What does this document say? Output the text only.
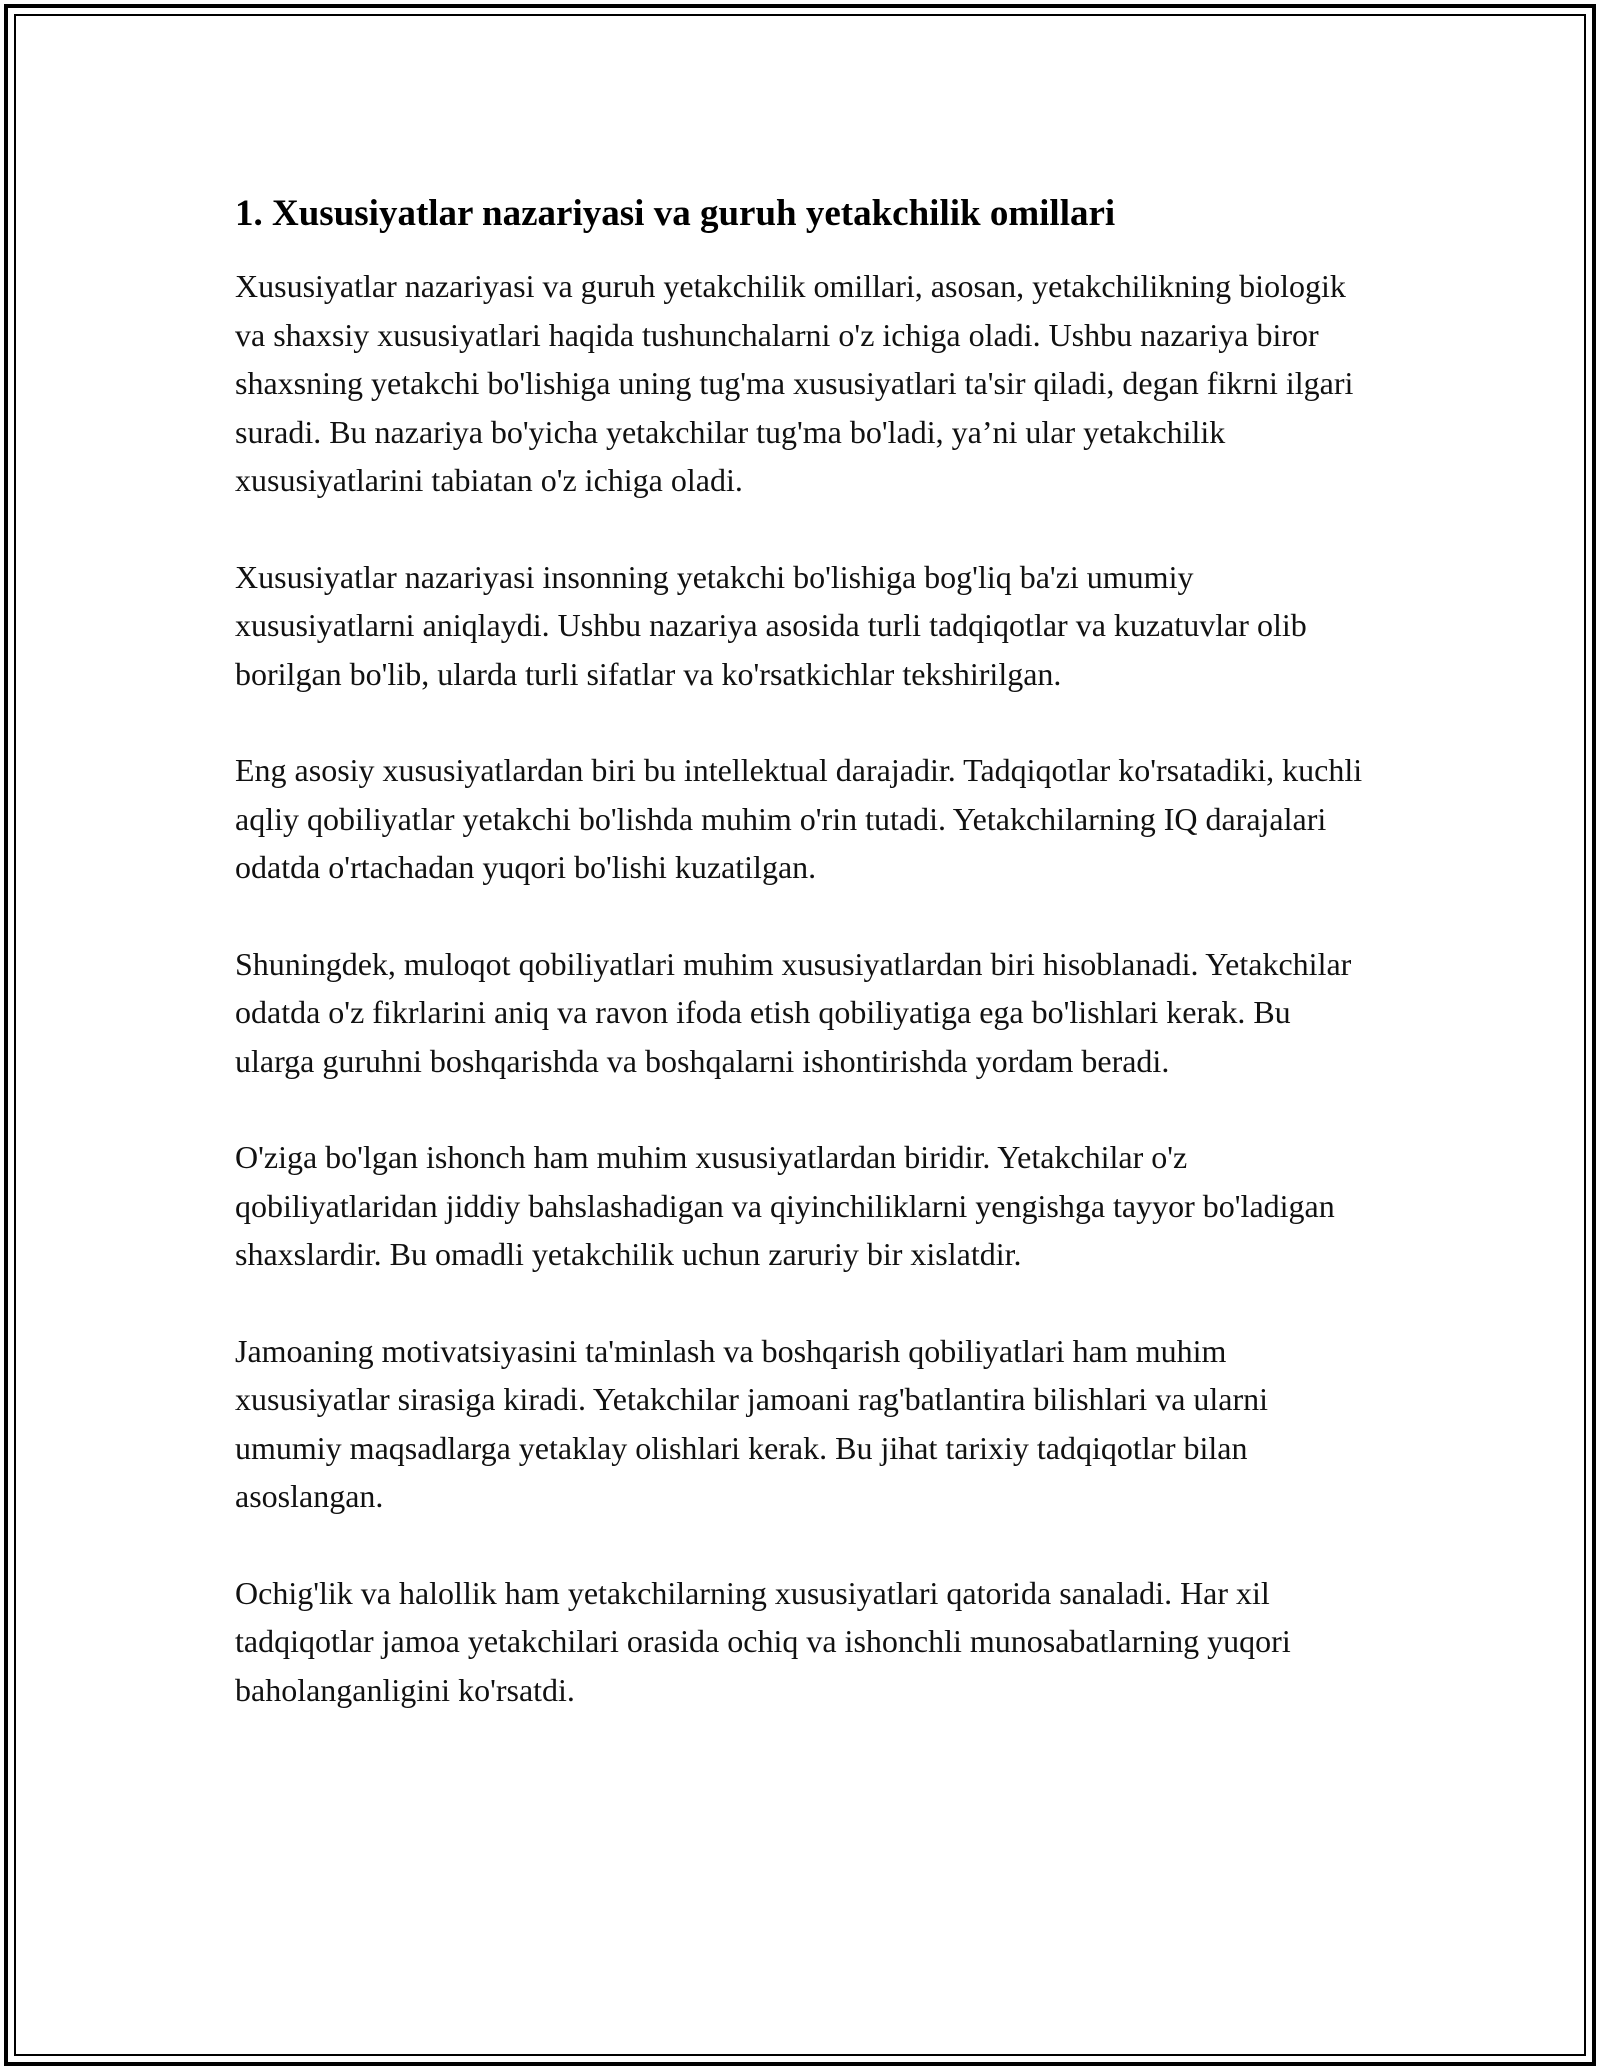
1. Xususiyatlar nazariyasi va guruh yetakchilik omillari

Xususiyatlar nazariyasi va guruh yetakchilik omillari, asosan, yetakchilikning biologik va shaxsiy xususiyatlari haqida tushunchalarni o'z ichiga oladi. Ushbu nazariya biror shaxsning yetakchi bo'lishiga uning tug'ma xususiyatlari ta'sir qiladi, degan fikrni ilgari suradi. Bu nazariya bo'yicha yetakchilar tug'ma bo'ladi, ya’ni ular yetakchilik xususiyatlarini tabiatan o'z ichiga oladi.

Xususiyatlar nazariyasi insonning yetakchi bo'lishiga bog'liq ba'zi umumiy xususiyatlarni aniqlaydi. Ushbu nazariya asosida turli tadqiqotlar va kuzatuvlar olib borilgan bo'lib, ularda turli sifatlar va ko'rsatkichlar tekshirilgan.

Eng asosiy xususiyatlardan biri bu intellektual darajadir. Tadqiqotlar ko'rsatadiki, kuchli aqliy qobiliyatlar yetakchi bo'lishda muhim o'rin tutadi. Yetakchilarning IQ darajalari odatda o'rtachadan yuqori bo'lishi kuzatilgan.

Shuningdek, muloqot qobiliyatlari muhim xususiyatlardan biri hisoblanadi. Yetakchilar odatda o'z fikrlarini aniq va ravon ifoda etish qobiliyatiga ega bo'lishlari kerak. Bu ularga guruhni boshqarishda va boshqalarni ishontirishda yordam beradi.

O'ziga bo'lgan ishonch ham muhim xususiyatlardan biridir. Yetakchilar o'z qobiliyatlaridan jiddiy bahslashadigan va qiyinchiliklarni yengishga tayyor bo'ladigan shaxslardir. Bu omadli yetakchilik uchun zaruriy bir xislatdir.

Jamoaning motivatsiyasini ta'minlash va boshqarish qobiliyatlari ham muhim xususiyatlar sirasiga kiradi. Yetakchilar jamoani rag'batlantira bilishlari va ularni umumiy maqsadlarga yetaklay olishlari kerak. Bu jihat tarixiy tadqiqotlar bilan asoslangan.

Ochig'lik va halollik ham yetakchilarning xususiyatlari qatorida sanaladi. Har xil tadqiqotlar jamoa yetakchilari orasida ochiq va ishonchli munosabatlarning yuqori baholanganligini ko'rsatdi.
